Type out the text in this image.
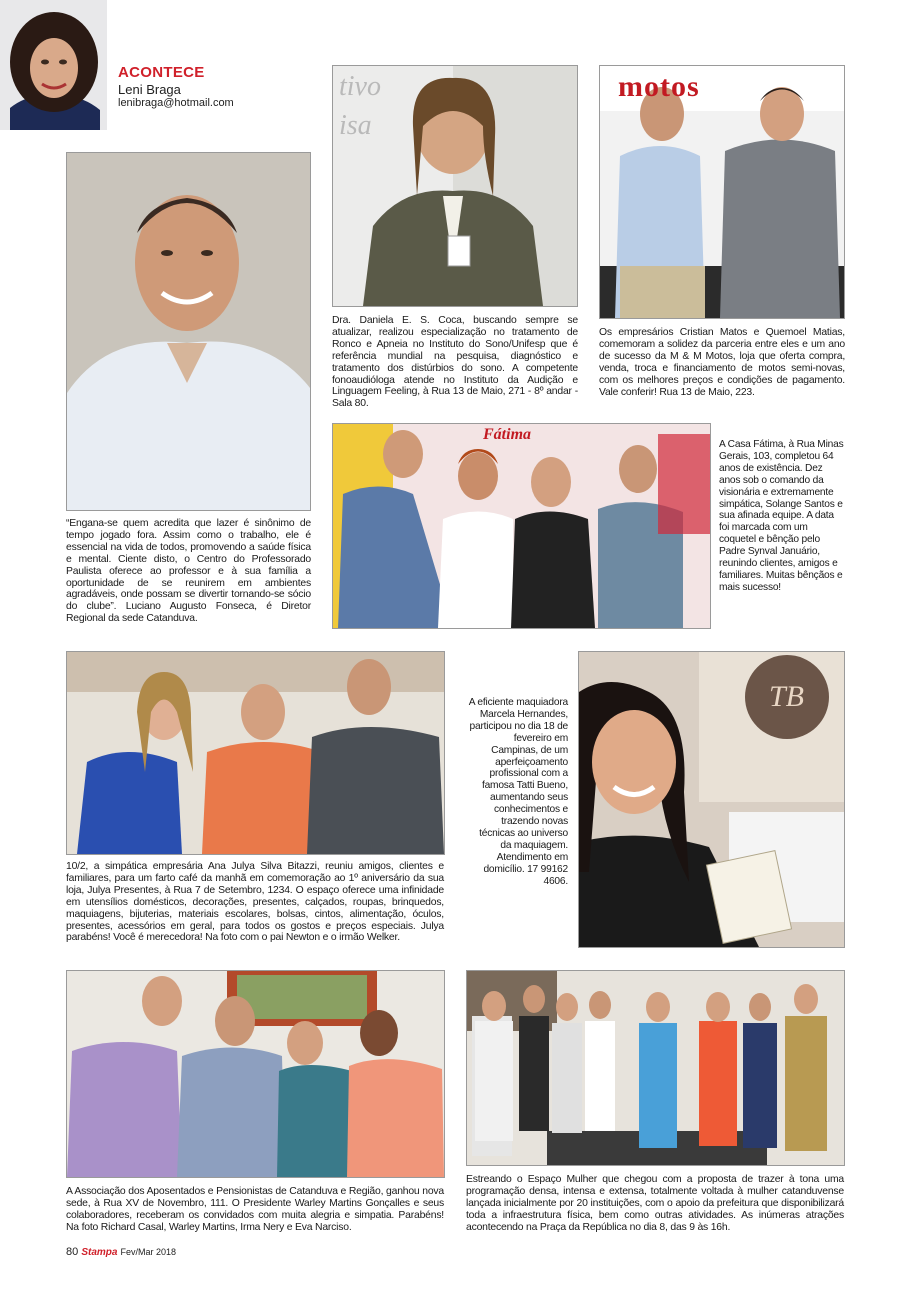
ACONTECE
Leni Braga
lenibraga@hotmail.com
“Engana-se quem acredita que lazer é sinônimo de tempo jogado fora. Assim como o trabalho, ele é essencial na vida de todos, promovendo a saúde física e mental. Ciente disto, o Centro do Professorado Paulista oferece ao professor e à sua família a oportunidade de se reunirem em ambientes agradáveis, onde possam se divertir tornando-se sócio do clube”. Luciano Augusto Fonseca, é Diretor Regional da sede Catanduva.
tivo
isa
Dra. Daniela E. S. Coca, buscando sempre se atualizar, realizou especialização no tratamento de Ronco e Apneia no Instituto do Sono/Unifesp que é referência mundial na pesquisa, diagnóstico e tratamento dos distúrbios do sono. A competente fonoaudióloga atende no Instituto da Audição e Linguagem Feeling, à Rua 13 de Maio, 271 - 8º andar -Sala 80.
motos
Os empresários Cristian Matos e Quemoel Matias, comemoram a solidez da parceria entre eles e um ano de sucesso da M & M Motos, loja que oferta compra, venda, troca e financiamento de motos semi-novas, com os melhores preços e condições de pagamento. Vale conferir! Rua 13 de Maio, 223.
Fátima
A Casa Fátima, à Rua Minas Gerais, 103, completou 64 anos de existência. Dez anos sob o comando da visionária e extremamente simpática, Solange Santos e sua afinada equipe. A data foi marcada com um coquetel e bênção pelo Padre Synval Januário, reunindo clientes, amigos e familiares. Muitas bênçãos e mais sucesso!
10/2, a simpática empresária Ana Julya Silva Bitazzi, reuniu amigos, clientes e familiares, para um farto café da manhã em comemoração ao 1º aniversário da sua loja, Julya Presentes, à Rua 7 de Setembro, 1234. O espaço oferece uma infinidade em utensílios domésticos, decorações, presentes, calçados, roupas, brinquedos, maquiagens, bijuterias, materiais escolares, bolsas, cintos, alimentação, óculos, presentes, acessórios em geral, para todos os gostos e preços especiais. Julya parabéns! Você é merecedora! Na foto com o pai Newton e o irmão Welker.
A eficiente maquiadora Marcela Hernandes, participou no dia 18 de fevereiro em Campinas, de um aperfeiçoamento profissional com a famosa Tatti Bueno, aumentando seus conhecimentos e trazendo novas técnicas ao universo da maquiagem. Atendimento em domicílio. 17 99162 4606.
TB
A Associação dos Aposentados e Pensionistas de Catanduva e Região, ganhou nova sede, à Rua XV de Novembro, 111. O Presidente Warley Martins Gonçalles e seus colaboradores, receberam os convidados com muita alegria e simpatia. Parabéns! Na foto Richard Casal, Warley Martins, Irma Nery e Eva Narciso.
Estreando o Espaço Mulher que chegou com a proposta de trazer à tona uma programação densa, intensa e extensa, totalmente voltada à mulher catanduvense lançada inicialmente por 20 instituições, com o apoio da prefeitura que disponibilizará toda a infraestrutura física, bem como outras atividades. As inúmeras atrações acontecendo na Praça da República no dia 8, das 9 às 16h.
80 Stampa Fev/Mar 2018
